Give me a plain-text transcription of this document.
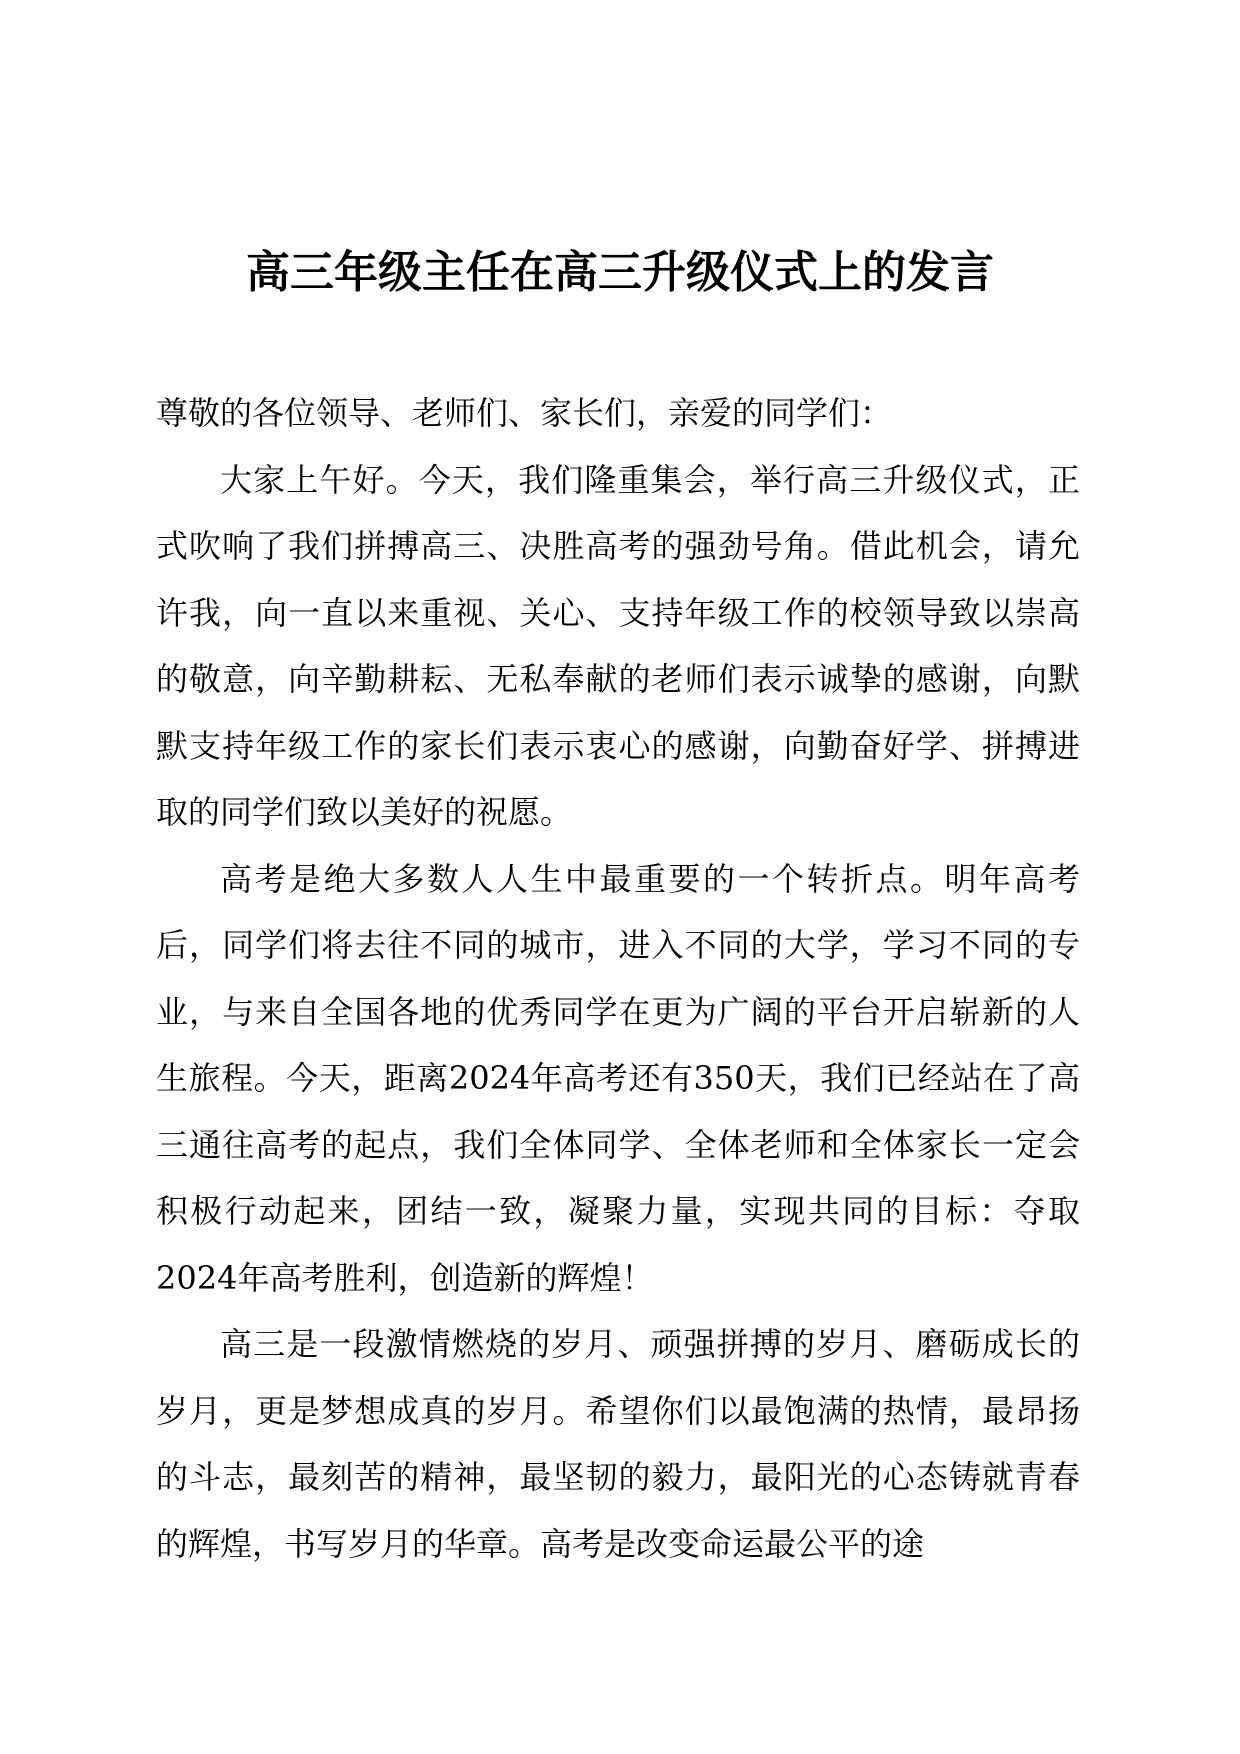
高三年级主任在高三升级仪式上的发言

尊敬的各位领导、老师们、家长们，亲爱的同学们：

大家上午好。今天，我们隆重集会，举行高三升级仪式，正式吹响了我们拼搏高三、决胜高考的强劲号角。借此机会，请允许我，向一直以来重视、关心、支持年级工作的校领导致以崇高的敬意，向辛勤耕耘、无私奉献的老师们表示诚挚的感谢，向默默支持年级工作的家长们表示衷心的感谢，向勤奋好学、拼搏进取的同学们致以美好的祝愿。

高考是绝大多数人人生中最重要的一个转折点。明年高考后，同学们将去往不同的城市，进入不同的大学，学习不同的专业，与来自全国各地的优秀同学在更为广阔的平台开启崭新的人生旅程。今天，距离2024年高考还有350天，我们已经站在了高三通往高考的起点，我们全体同学、全体老师和全体家长一定会积极行动起来，团结一致，凝聚力量，实现共同的目标：夺取2024年高考胜利，创造新的辉煌！

高三是一段激情燃烧的岁月、顽强拼搏的岁月、磨砺成长的岁月，更是梦想成真的岁月。希望你们以最饱满的热情，最昂扬的斗志，最刻苦的精神，最坚韧的毅力，最阳光的心态铸就青春的辉煌，书写岁月的华章。高考是改变命运最公平的途
